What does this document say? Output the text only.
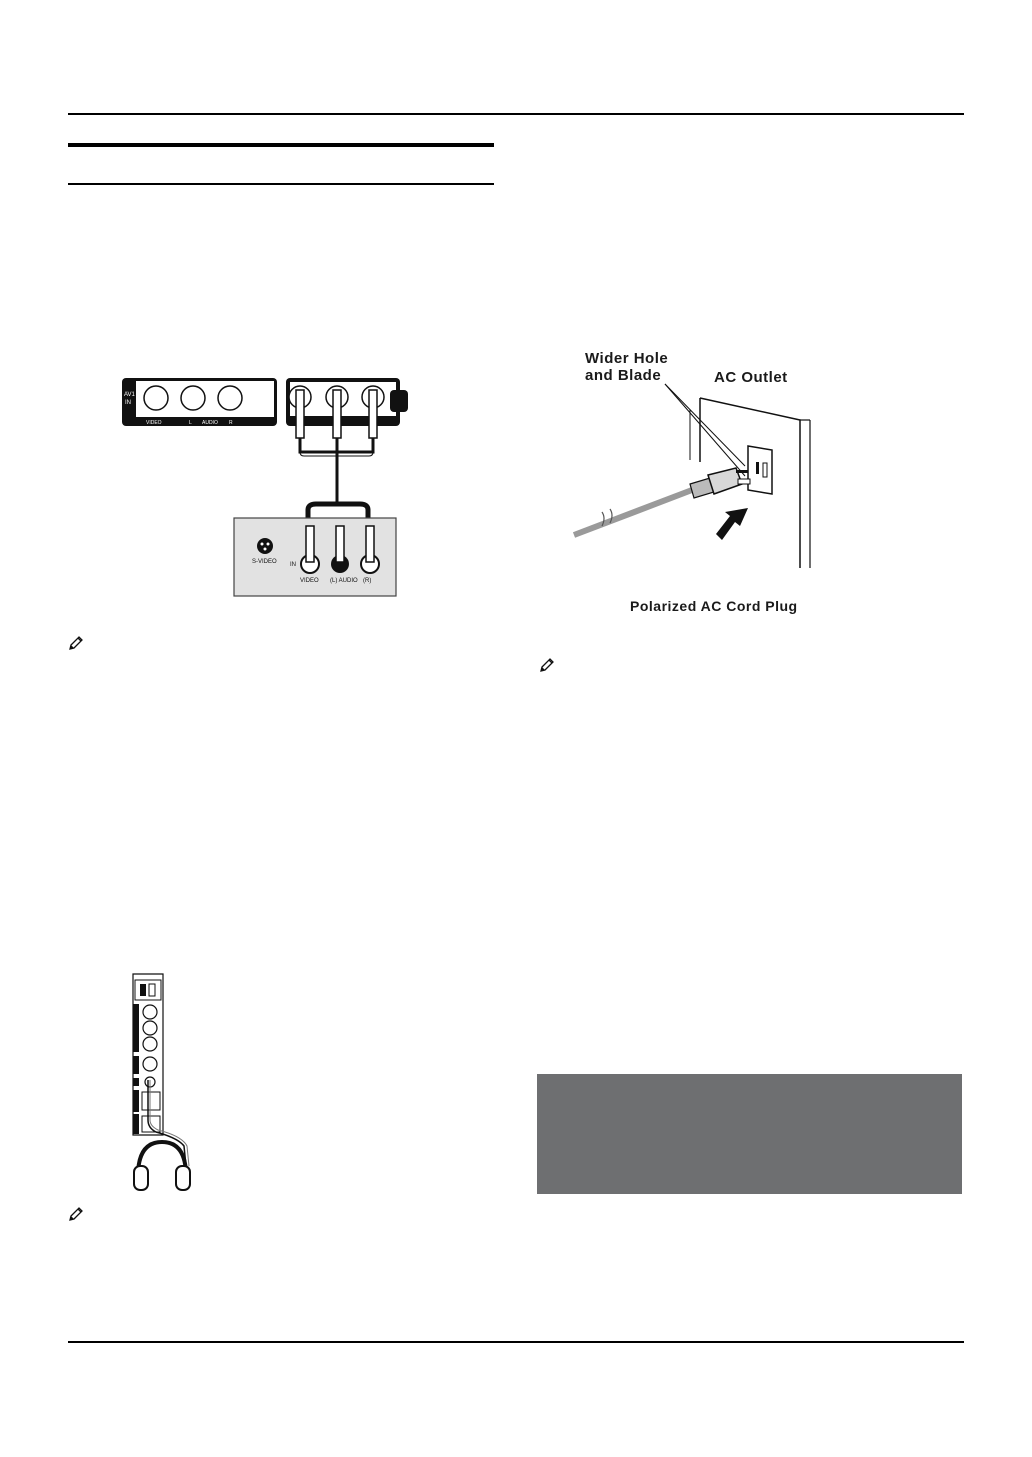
AV1
IN
VIDEO	L AUDIO R
S-VIDEO IN
VIDEO (L) AUDIO (R)
Wider Hole
and Blade	AC Outlet
Polarized AC Cord Plug
